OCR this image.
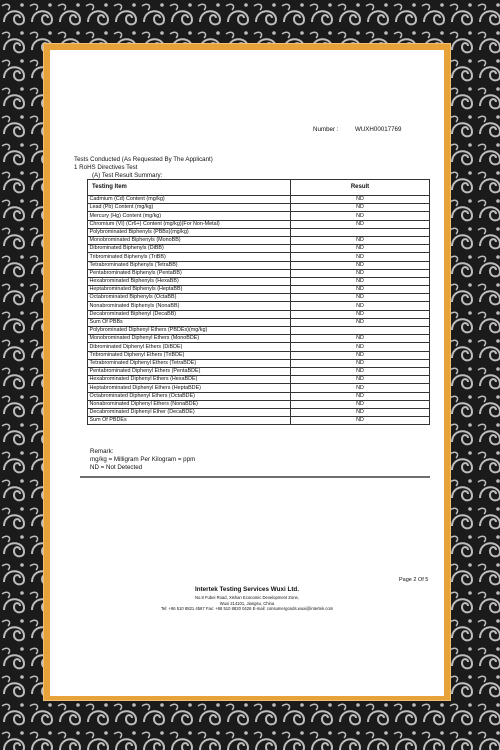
Number :	WUXH00017769
Tests Conducted (As Requested By The Applicant)
1 RoHS Directives Test
(A) Test Result Summary:
Testing Item	Result
Cadmium (Cd) Content (mg/kg)	ND
Lead (Pb) Content (mg/kg)	ND
Mercury (Hg) Content (mg/kg)	ND
Chromium (VI) (Cr6+) Content (mg/kg)(For Non-Metal)	ND
Polybrominated Biphenyls (PBBs)(mg/kg)	
Monobrominated Biphenyls (MonoBB)	ND
Dibrominated Biphenyls (DiBB)	ND
Tribrominated Biphenyls (TriBB)	ND
Tetrabrominated Biphenyls (TetraBB)	ND
Pentabrominated Biphenyls (PentaBB)	ND
Hexabrominated Biphenyls (HexaBB)	ND
Heptabrominated Biphenyls (HeptaBB)	ND
Octabrominated Biphenyls (OctaBB)	ND
Nonabrominated Biphenyls (NonaBB)	ND
Decabrominated Biphenyl (DecaBB)	ND
Sum Of PBBs	ND
Polybrominated Diphenyl Ethers (PBDEs)(mg/kg)	
Monobrominated Diphenyl Ethers (MonoBDE)	ND
Dibrominated Diphenyl Ethers (DiBDE)	ND
Tribrominated Diphenyl Ethers (TriBDE)	ND
Tetrabrominated Diphenyl Ethers (TetraBDE)	ND
Pentabrominated Diphenyl Ethers (PentaBDE)	ND
Hexabrominated Diphenyl Ethers (HexaBDE)	ND
Heptabrominated Diphenyl Ethers (HeptaBDE)	ND
Octabrominated Diphenyl Ethers (OctaBDE)	ND
Nonabrominated Diphenyl Ethers (NonaBDE)	ND
Decabrominated Diphenyl Ether (DecaBDE)	ND
Sum Of PBDEs	ND
Remark:
mg/kg = Milligram Per Kilogram = ppm
ND = Not Detected
Page 2 Of 5
Intertek Testing Services Wuxi Ltd.
No.8 Fubei Road, Xishan Economic Development Zone,
Wuxi 214101, Jiangsu, China
Tel: +86 510 8821 4567 Fax: +86 510 8820 0426 E-mail: consumergoods.wuxi@intertek.com
